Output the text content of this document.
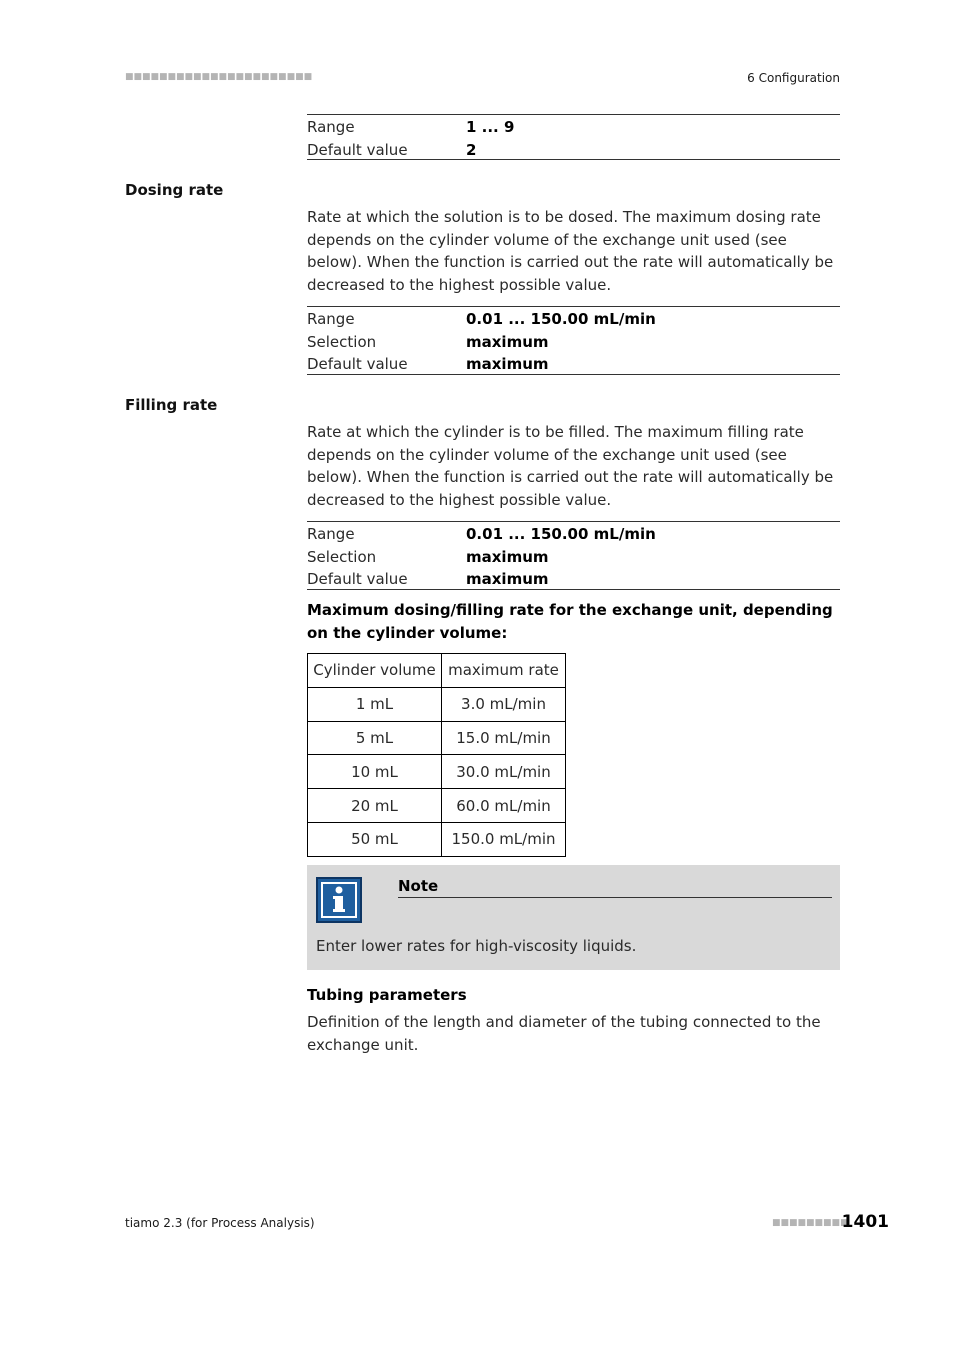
■■■■■■■■■■■■■■■■■■■■■■	6 Configuration
Range	1 ... 9
Default value	2
Dosing rate
Rate at which the solution is to be dosed. The maximum dosing rate depends on the cylinder volume of the exchange unit used (see below). When the function is carried out the rate will automatically be decreased to the highest possible value.
Range	0.01 ... 150.00 mL/min
Selection	maximum
Default value	maximum
Filling rate
Rate at which the cylinder is to be filled. The maximum filling rate depends on the cylinder volume of the exchange unit used (see below). When the function is carried out the rate will automatically be decreased to the highest possible value.
Range	0.01 ... 150.00 mL/min
Selection	maximum
Default value	maximum
Maximum dosing/filling rate for the exchange unit, depending on the cylinder volume:
Cylinder volume	maximum rate
1 mL	3.0 mL/min
5 mL	15.0 mL/min
10 mL	30.0 mL/min
20 mL	60.0 mL/min
50 mL	150.0 mL/min
Note
Enter lower rates for high-viscosity liquids.
Tubing parameters
Definition of the length and diameter of the tubing connected to the exchange unit.
tiamo 2.3 (for Process Analysis)	■■■■■■■■■
1401
